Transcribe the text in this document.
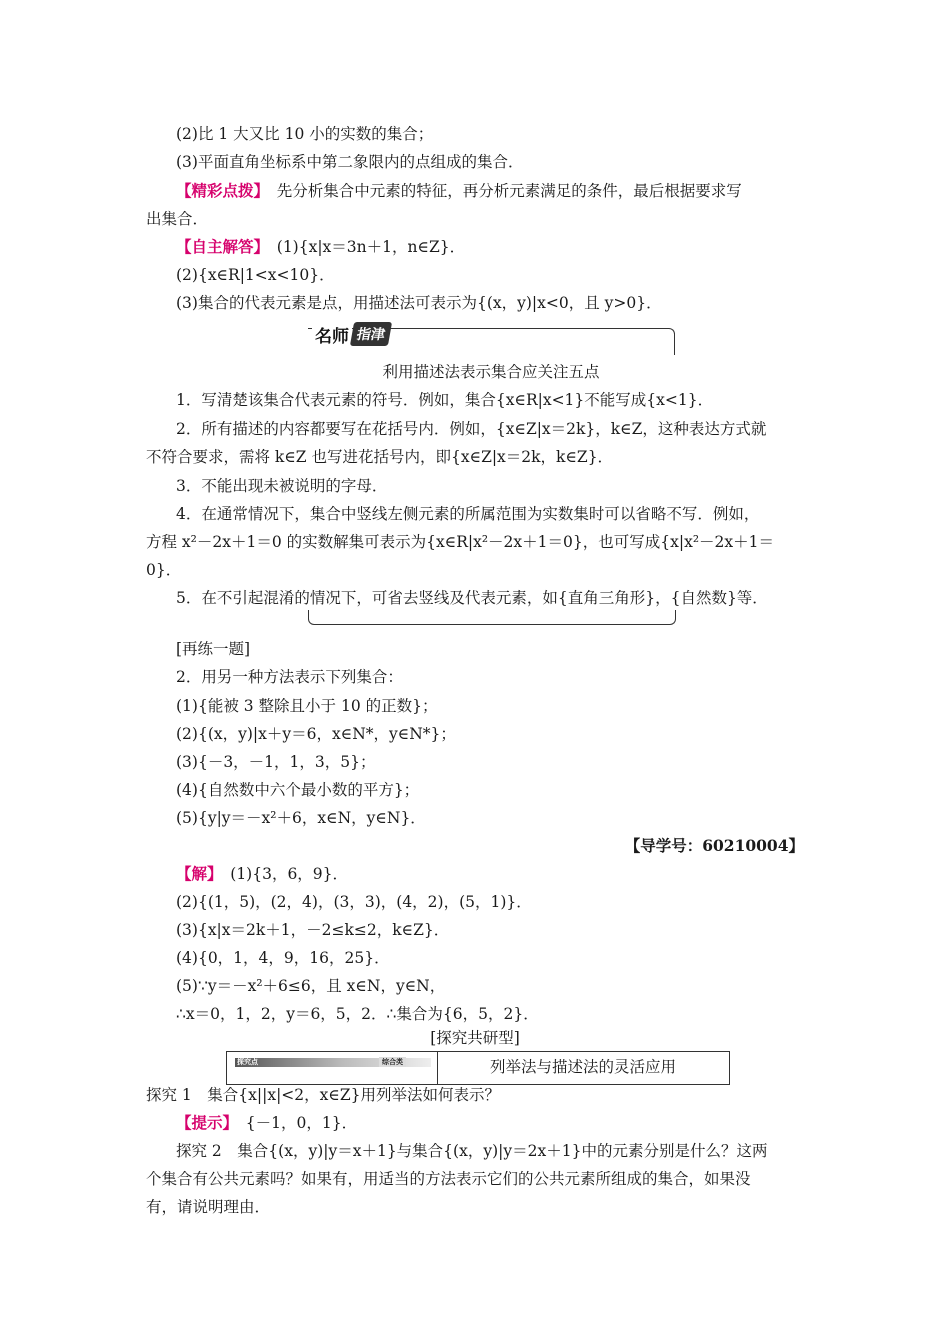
(2)比 1 大又比 10 小的实数的集合；
(3)平面直角坐标系中第二象限内的点组成的集合．
【精彩点拨】　先分析集合中元素的特征，再分析元素满足的条件，最后根据要求写
出集合．
【自主解答】　(1){x|x＝3n＋1，n∈Z}．
(2){x∈R|1<x<10}．
(3)集合的代表元素是点，用描述法可表示为{(x，y)|x<0，且 y>0}．
名师 指津
利用描述法表示集合应关注五点
1．写清楚该集合代表元素的符号．例如，集合{x∈R|x<1}不能写成{x<1}．
2．所有描述的内容都要写在花括号内．例如，{x∈Z|x＝2k}，k∈Z，这种表达方式就
不符合要求，需将 k∈Z 也写进花括号内，即{x∈Z|x＝2k，k∈Z}．
3．不能出现未被说明的字母．
4．在通常情况下，集合中竖线左侧元素的所属范围为实数集时可以省略不写．例如，
方程 x²－2x＋1＝0 的实数解集可表示为{x∈R|x²－2x＋1＝0}，也可写成{x|x²－2x＋1＝
0}．
5．在不引起混淆的情况下，可省去竖线及代表元素，如{直角三角形}，{自然数}等．
[再练一题]
2．用另一种方法表示下列集合：
(1){能被 3 整除且小于 10 的正数}；
(2){(x，y)|x＋y＝6，x∈N*，y∈N*}；
(3){－3，－1，1，3，5}；
(4){自然数中六个最小数的平方}；
(5){y|y＝－x²＋6，x∈N，y∈N}．
【导学号：60210004】
【解】　(1){3，6，9}．
(2){(1，5)，(2，4)，(3，3)，(4，2)，(5，1)}．
(3){x|x＝2k＋1，－2≤k≤2，k∈Z}．
(4){0，1，4，9，16，25}．
(5)∵y＝－x²＋6≤6，且 x∈N，y∈N，
∴x＝0，1，2，y＝6，5，2．∴集合为{6，5，2}．
[探究共研型]
探究点	综合类	列举法与描述法的灵活应用
探究 1　集合{x||x|<2，x∈Z}用列举法如何表示？
【提示】　{－1，0，1}．
探究 2　集合{(x，y)|y＝x＋1}与集合{(x，y)|y＝2x＋1}中的元素分别是什么？这两
个集合有公共元素吗？如果有，用适当的方法表示它们的公共元素所组成的集合，如果没
有，请说明理由．
